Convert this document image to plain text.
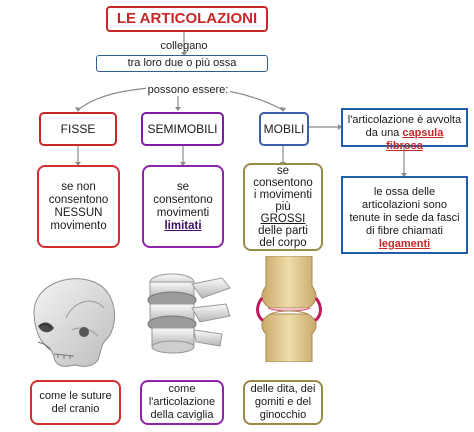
LE ARTICOLAZIONI
collegano
tra loro due o più ossa
possono essere:
FISSE	SEMIMOBILI	MOBILI
l'articolazione è avvolta da una capsula fibrosa
le ossa delle articolazioni sono tenute in sede da fasci di fibre chiamati legamenti
se non
consentono
NESSUN
movimento
se
consentono
movimenti
limitati
se
consentono
i movimenti
più
GROSSI
delle parti
del corpo
come le suture del cranio
come l'articolazione della caviglia
delle dita, dei gomiti e del ginocchio
